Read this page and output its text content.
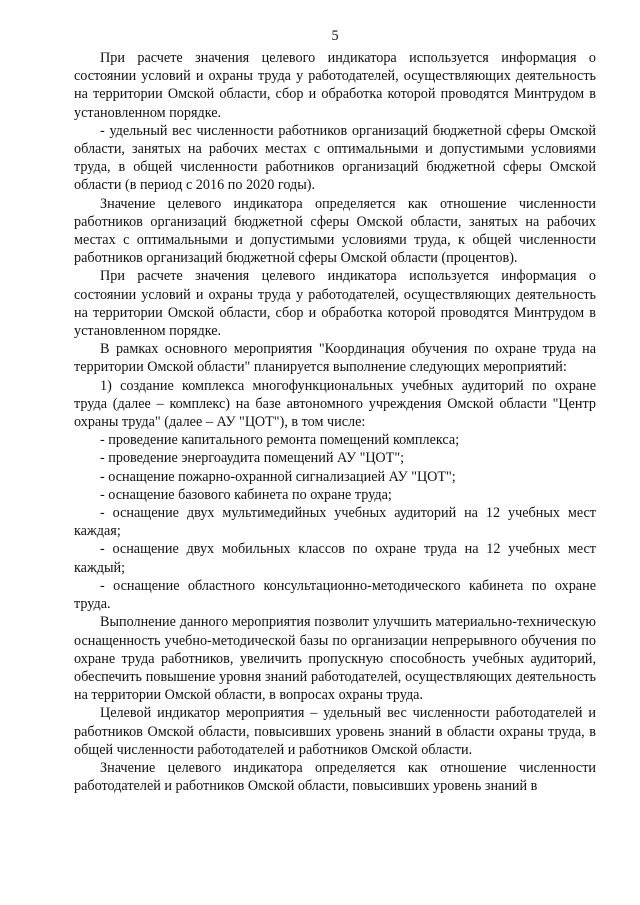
5

При расчете значения целевого индикатора используется информация о состоянии условий и охраны труда у работодателей, осуществляющих деятельность на территории Омской области, сбор и обработка которой проводятся Минтрудом в установленном порядке.

- удельный вес численности работников организаций бюджетной сферы Омской области, занятых на рабочих местах с оптимальными и допустимыми условиями труда, в общей численности работников организаций бюджетной сферы Омской области (в период с 2016 по 2020 годы).

Значение целевого индикатора определяется как отношение численности работников организаций бюджетной сферы Омской области, занятых на рабочих местах с оптимальными и допустимыми условиями труда, к общей численности работников организаций бюджетной сферы Омской области (процентов).

При расчете значения целевого индикатора используется информация о состоянии условий и охраны труда у работодателей, осуществляющих деятельность на территории Омской области, сбор и обработка которой проводятся Минтрудом в установленном порядке.

В рамках основного мероприятия "Координация обучения по охране труда на территории Омской области" планируется выполнение следующих мероприятий:

1) создание комплекса многофункциональных учебных аудиторий по охране труда (далее – комплекс) на базе автономного учреждения Омской области "Центр охраны труда" (далее – АУ "ЦОТ"), в том числе:

- проведение капитального ремонта помещений комплекса;

- проведение энергоаудита помещений АУ "ЦОТ";

- оснащение пожарно-охранной сигнализацией АУ "ЦОТ";

- оснащение базового кабинета по охране труда;

- оснащение двух мультимедийных учебных аудиторий на 12 учебных мест каждая;

- оснащение двух мобильных классов по охране труда на 12 учебных мест каждый;

- оснащение областного консультационно-методического кабинета по охране труда.

Выполнение данного мероприятия позволит улучшить материально-техническую оснащенность учебно-методической базы по организации непрерывного обучения по охране труда работников, увеличить пропускную способность учебных аудиторий, обеспечить повышение уровня знаний работодателей, осуществляющих деятельность на территории Омской области, в вопросах охраны труда.

Целевой индикатор мероприятия – удельный вес численности работодателей и работников Омской области, повысивших уровень знаний в области охраны труда, в общей численности работодателей и работников Омской области.

Значение целевого индикатора определяется как отношение численности работодателей и работников Омской области, повысивших уровень знаний в
